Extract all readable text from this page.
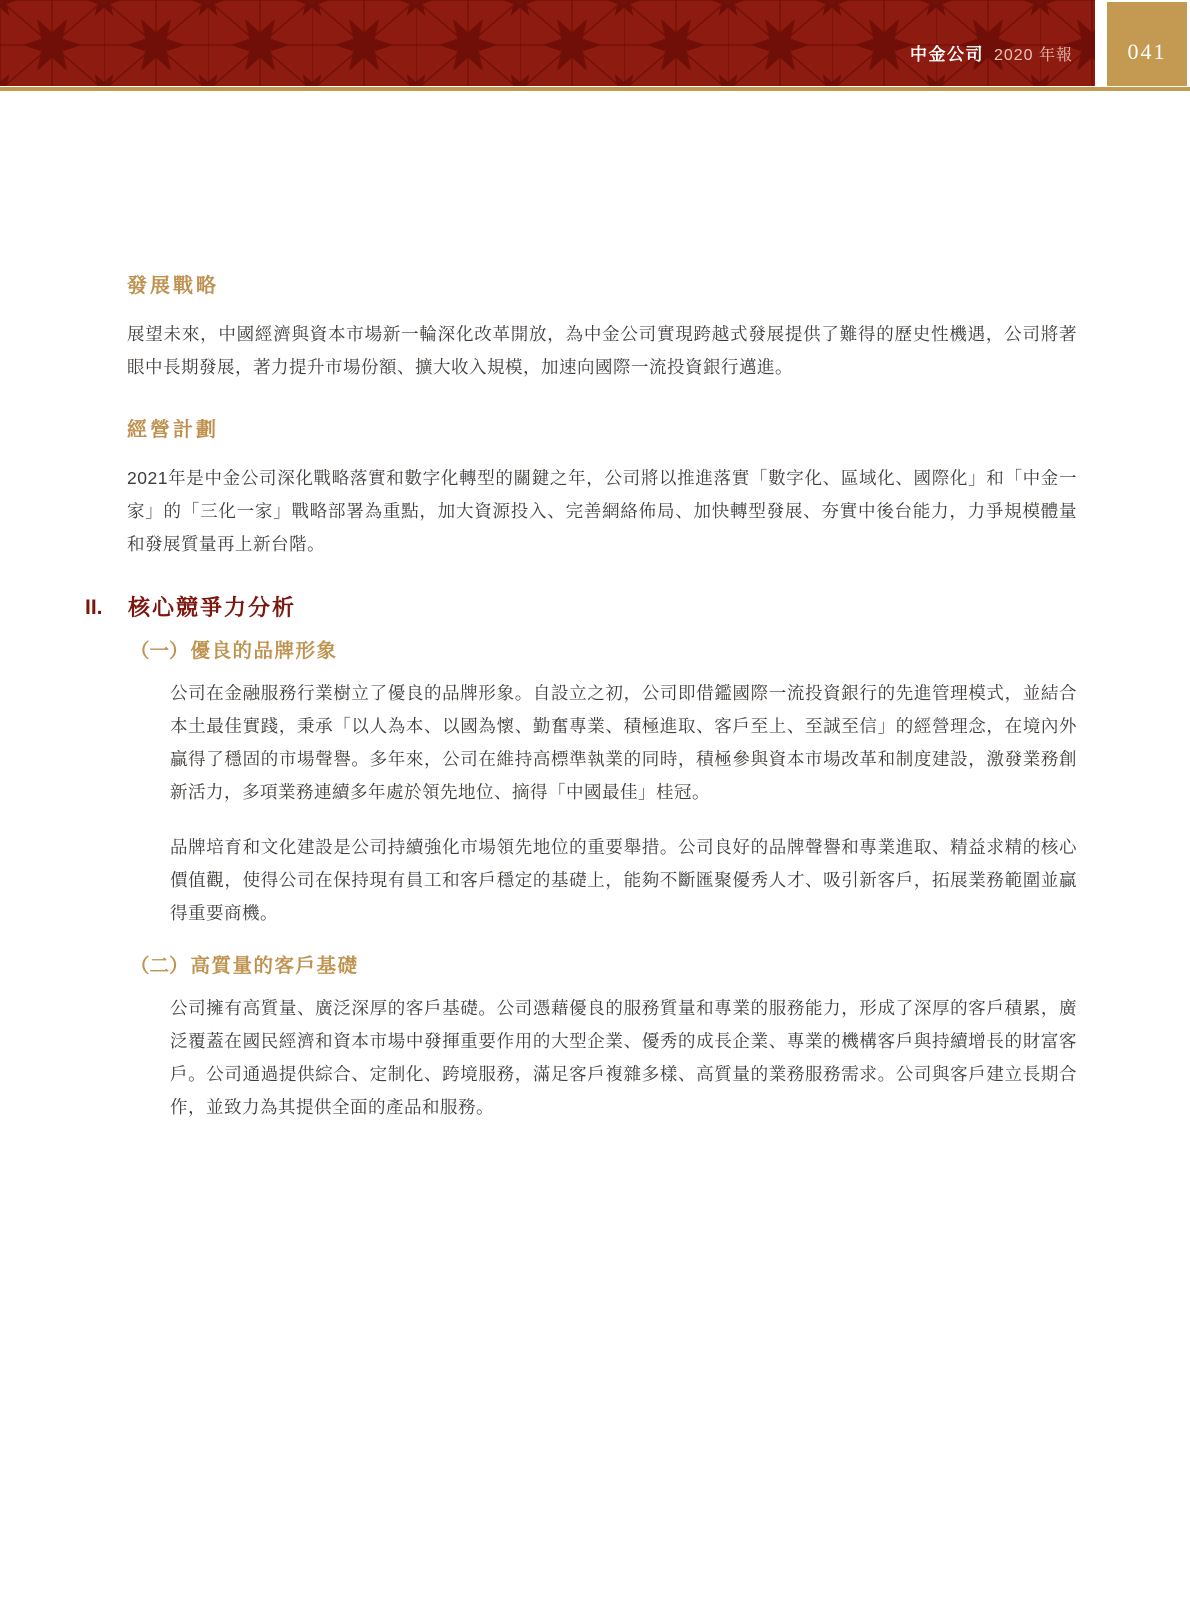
中金公司 2020 年報 041
發展戰略

展望未來，中國經濟與資本市場新一輪深化改革開放，為中金公司實現跨越式發展提供了難得的歷史性機遇，公司將著眼中長期發展，著力提升市場份額、擴大收入規模，加速向國際一流投資銀行邁進。

經營計劃

2021年是中金公司深化戰略落實和數字化轉型的關鍵之年，公司將以推進落實「數字化、區域化、國際化」和「中金一家」的「三化一家」戰略部署為重點，加大資源投入、完善網絡佈局、加快轉型發展、夯實中後台能力，力爭規模體量和發展質量再上新台階。

II.	核心競爭力分析
（一） 優良的品牌形象

公司在金融服務行業樹立了優良的品牌形象。自設立之初，公司即借鑑國際一流投資銀行的先進管理模式，並結合本土最佳實踐，秉承「以人為本、以國為懷、勤奮專業、積極進取、客戶至上、至誠至信」的經營理念，在境內外贏得了穩固的市場聲譽。多年來，公司在維持高標準執業的同時，積極參與資本市場改革和制度建設，激發業務創新活力，多項業務連續多年處於領先地位、摘得「中國最佳」桂冠。

品牌培育和文化建設是公司持續強化市場領先地位的重要舉措。公司良好的品牌聲譽和專業進取、精益求精的核心價值觀，使得公司在保持現有員工和客戶穩定的基礎上，能夠不斷匯聚優秀人才、吸引新客戶，拓展業務範圍並贏得重要商機。

（二） 高質量的客戶基礎

公司擁有高質量、廣泛深厚的客戶基礎。公司憑藉優良的服務質量和專業的服務能力，形成了深厚的客戶積累，廣泛覆蓋在國民經濟和資本市場中發揮重要作用的大型企業、優秀的成長企業、專業的機構客戶與持續增長的財富客戶。公司通過提供綜合、定制化、跨境服務，滿足客戶複雜多樣、高質量的業務服務需求。公司與客戶建立長期合作，並致力為其提供全面的產品和服務。
